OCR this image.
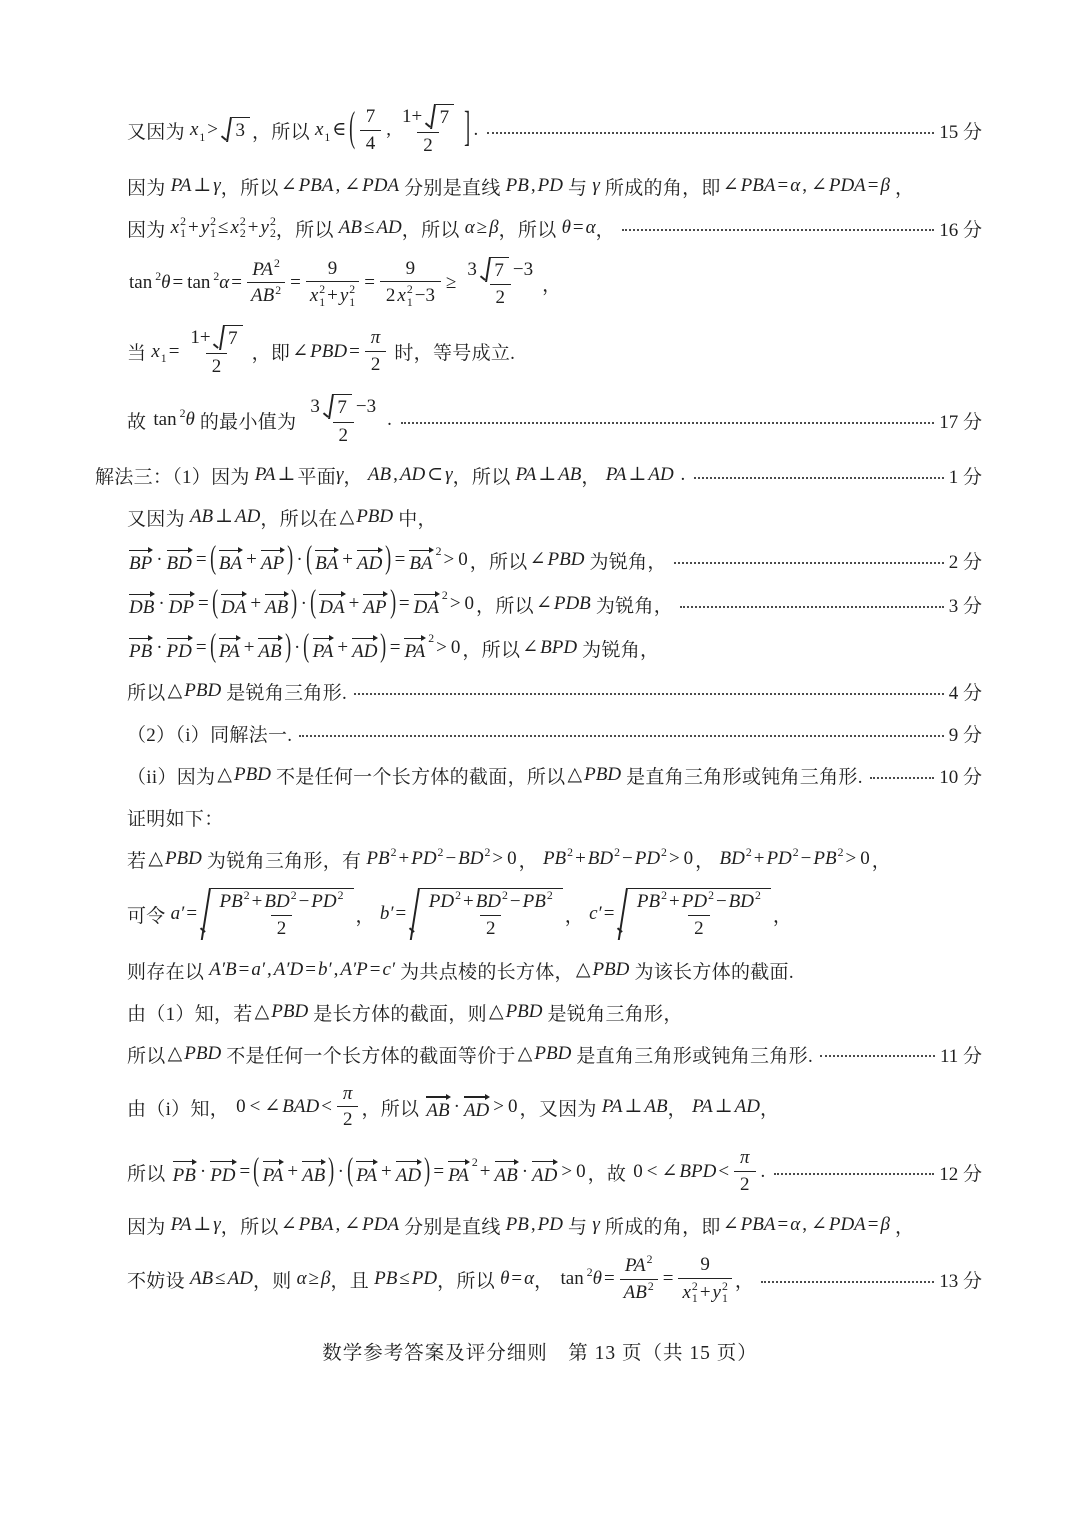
又因为 x 1 > 3 ，所以 x 1 ∈ ( $\frac{7}{4}$ , $\frac{1+ 7}{2}$ ] .	15 分
因为 PA ⊥ γ ，所以 ∠ PBA , ∠ PDA 分别是直线 PB , PD 与 γ 所成的角，即 ∠ PBA = α , ∠ PDA = β ，
因为 x 2
1 + y 2
1 ≤ x 2
2 + y 2
2 ，所以 AB ≤ AD ，所以 α ≥ β ，所以 θ = α ，	16 分
tan 2 θ = tan 2 $\alpha = \frac{PA 2}{AB 2} = 9$
x 2
1 + y 2
1 = 9
2 x 2
$1 -3 \ge \frac{3 7 -3}{2}$ ，
当 x $1 = \frac{1+ 7}{2}$ ，即 ∠ PBD = $\frac{\pi}{2}$ 时，等号成立.
故 tan 2 θ 的最小值为 $\frac{3 7 -3}{2}$ .	17 分
解法三：（1）因为 PA ⊥ 平面 γ ， AB , AD ⊂ γ ，所以 PA ⊥ AB ， PA ⊥ AD .	1 分
又因为 AB ⊥ AD ，所以在 △ PBD 中，
BP · BD = ( BA + AP ) · ( BA + AD ) = BA
2 > 0 ，所以 ∠ PBD 为锐角，	2 分
DB · DP = ( DA + AB ) · ( DA + AP ) = DA
2 > 0 ，所以 ∠ PDB 为锐角，	3 分
PB · PD = ( PA + AB ) · ( PA + AD ) = PA
2 > 0 ，所以 ∠ BPD 为锐角，
所以 △ PBD 是锐角三角形.	4 分
（2）（i）同解法一.	9 分
（ii）因为 △ PBD 不是任何一个长方体的截面，所以 △ PBD 是直角三角形或钝角三角形.	10 分
证明如下：
若 △ PBD 为锐角三角形，有 PB 2 + PD 2 − BD 2 > 0 ， PB 2 + BD 2 − PD 2 > 0 ， BD 2 + PD 2 − PB 2 > 0 ，
可令 $a' = \frac{PB 2 + BD 2 - PD 2}{2}$ ， $b' = \frac{PD 2 + BD 2 - PB 2}{2}$ ， $c' = \frac{PB 2 + PD 2 - BD 2}{2}$ ，
则存在以 A′B = a′ , A′D = b′ , A′P = c′ 为共点棱的长方体， △ PBD 为该长方体的截面.
由（1）知，若 △ PBD 是长方体的截面，则 △ PBD 是锐角三角形，
所以 △ PBD 不是任何一个长方体的截面等价于 △ PBD 是直角三角形或钝角三角形.	11 分
由（i）知， 0 < ∠ BAD < $\frac{\pi}{2}$ ，所以 AB · AD > 0 ，又因为 PA ⊥ AB ， PA ⊥ AD ，
所以 PB · PD = ( PA + AB ) · ( PA + AD ) = PA
2 + AB · AD > 0 ，故 0 < ∠ BPD < $\frac{\pi}{2}$ .	12 分
因为 PA ⊥ γ ，所以 ∠ PBA , ∠ PDA 分别是直线 PB , PD 与 γ 所成的角，即 ∠ PBA = α , ∠ PDA = β ，
不妨设 AB ≤ AD ，则 α ≥ β ，且 PB ≤ PD ，所以 θ = α ， tan 2 $\theta = \frac{PA 2}{AB 2} = 9$
x 2
1 + y 2
1 ，	13 分
数学参考答案及评分细则　第 13 页（共 15 页）
